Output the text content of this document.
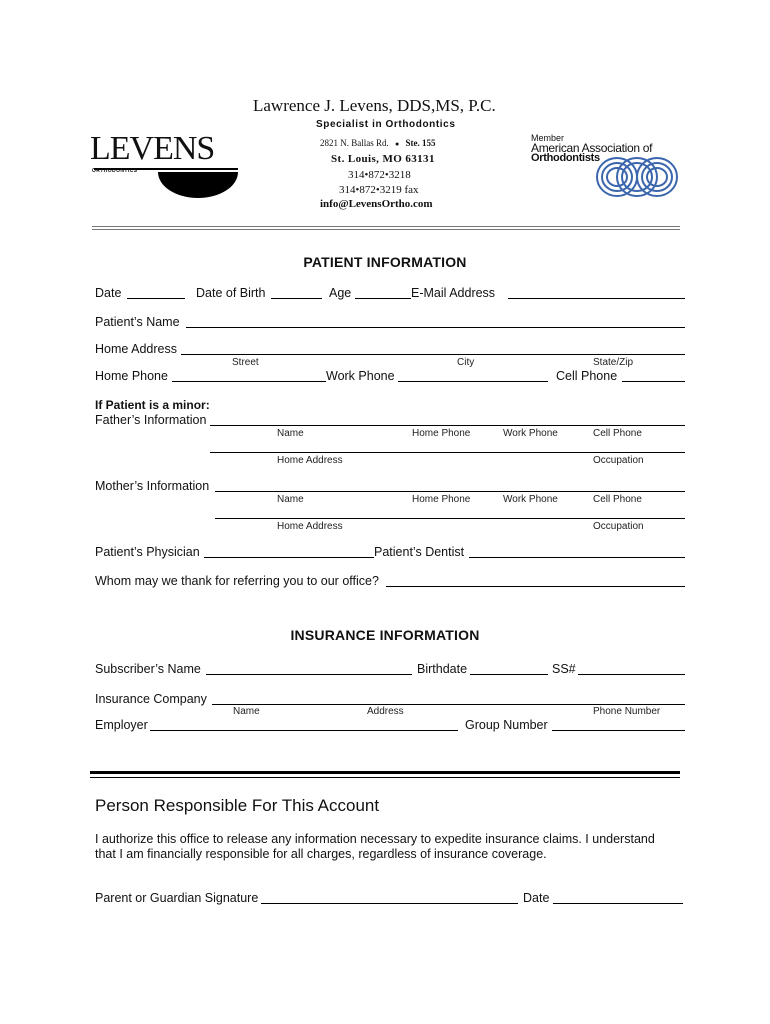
Lawrence J. Levens, DDS,MS, P.C.
Specialist in Orthodontics
2821 N. Ballas Rd. ● Ste. 155
St. Louis, MO 63131
314•872•3218
314•872•3219 fax
info@LevensOrtho.com
LEVENS
ORTHODONTICS
Member
American Association of
Orthodontists
PATIENT INFORMATION
Date	Date of Birth	Age	E-Mail Address
Patient’s Name
Home Address
Street	City	State/Zip
Home Phone	Work Phone	Cell Phone
If Patient is a minor:
Father’s Information
Name	Home Phone	Work Phone	Cell Phone
Home Address	Occupation
Mother’s Information
Name	Home Phone	Work Phone	Cell Phone
Home Address	Occupation
Patient’s Physician	Patient’s Dentist
Whom may we thank for referring you to our office?
INSURANCE INFORMATION
Subscriber’s Name	Birthdate	SS#
Insurance Company
Name	Address	Phone Number
Employer	Group Number
Person Responsible For This Account
I authorize this office to release any information necessary to expedite insurance claims. I understand
that I am financially responsible for all charges, regardless of insurance coverage.
Parent or Guardian Signature	Date
